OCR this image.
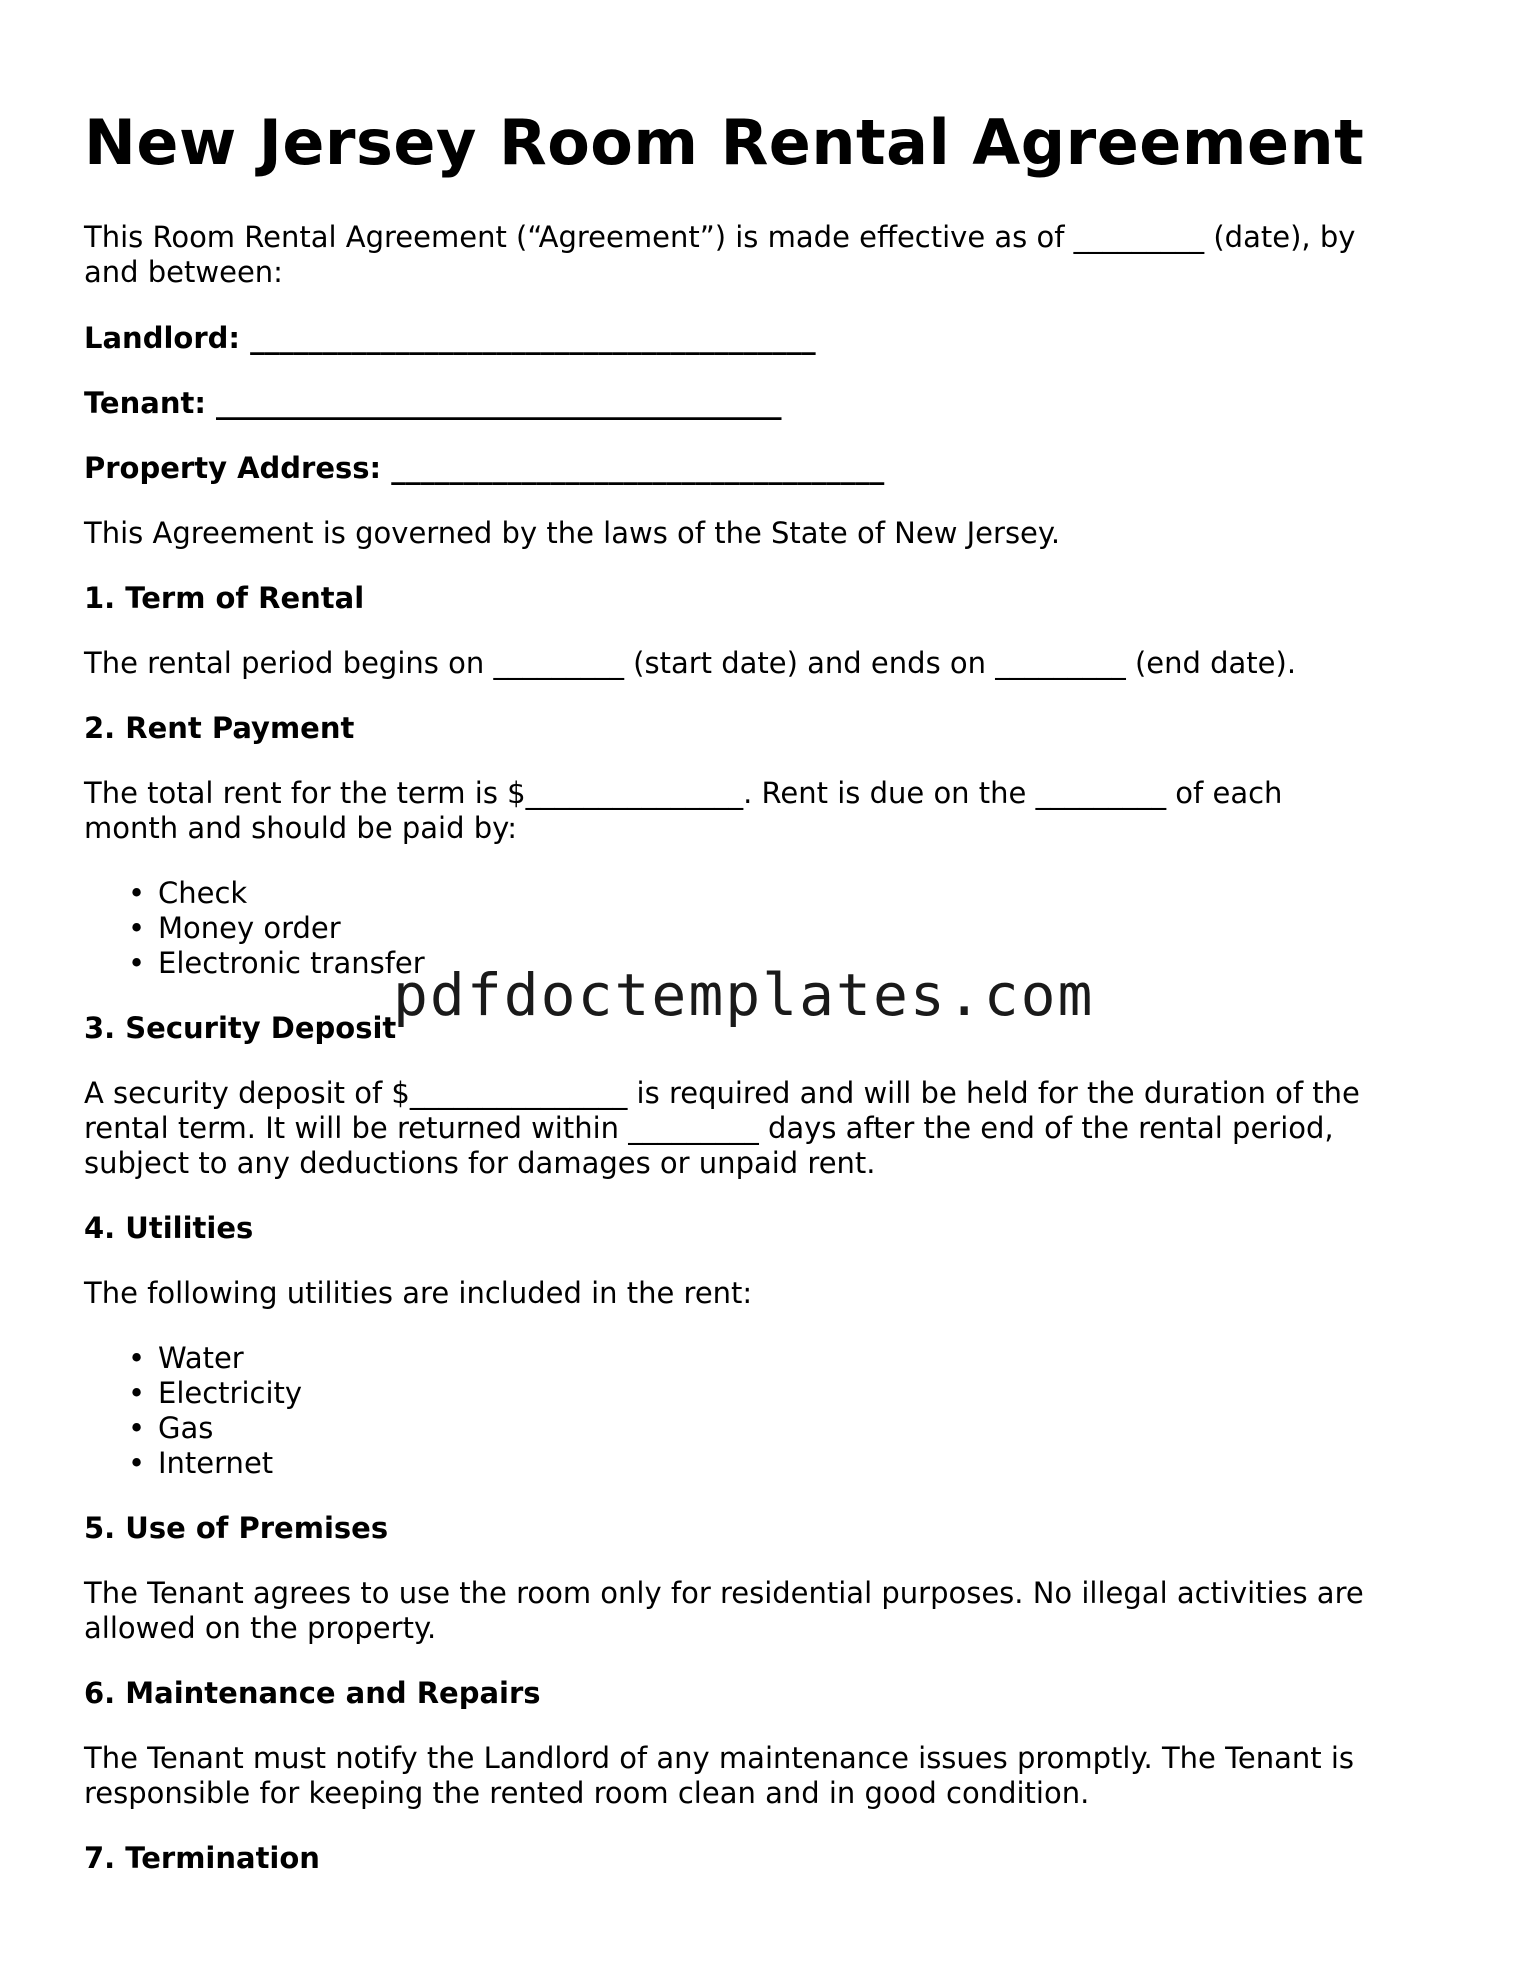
New Jersey Room Rental Agreement

This Room Rental Agreement (“Agreement”) is made effective as of _________ (date), by

and between:

Landlord: _______________________________________

Tenant: _______________________________________

Property Address: __________________________________

This Agreement is governed by the laws of the State of New Jersey.

1. Term of Rental

The rental period begins on _________ (start date) and ends on _________ (end date).

2. Rent Payment

The total rent for the term is $_______________. Rent is due on the _________ of each

month and should be paid by:

• Check
• Money order
• Electronic transfer
3. Security Deposit

A security deposit of $_______________ is required and will be held for the duration of the

rental term. It will be returned within _________ days after the end of the rental period,

subject to any deductions for damages or unpaid rent.

4. Utilities

The following utilities are included in the rent:

• Water
• Electricity
• Gas
• Internet
5. Use of Premises

The Tenant agrees to use the room only for residential purposes. No illegal activities are

allowed on the property.

6. Maintenance and Repairs

The Tenant must notify the Landlord of any maintenance issues promptly. The Tenant is

responsible for keeping the rented room clean and in good condition.

7. Termination
pdfdoctemplates.com
